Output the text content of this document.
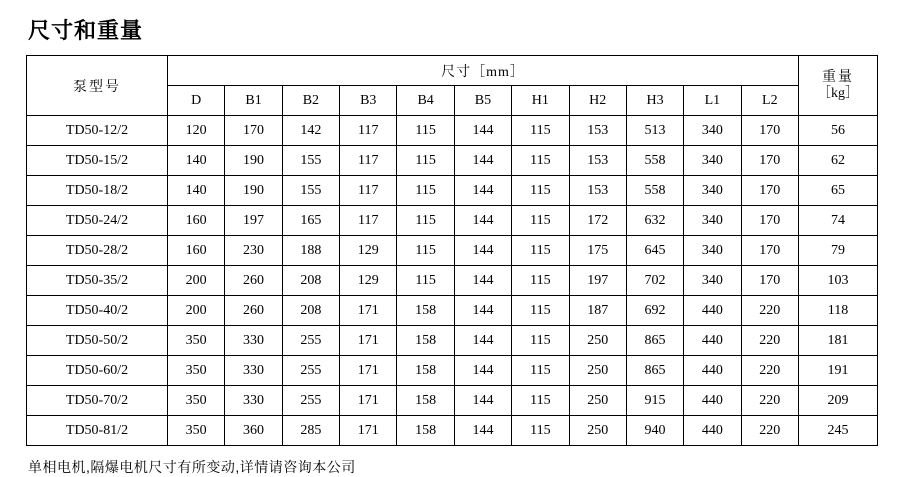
尺寸和重量
泵型号	尺寸［mm］											重量
［kg］

	D	B1	B2	B3	B4	B5	H1	H2	H3	L1	L2	
TD50-12/2	120	170	142	117	115	144	115	153	513	340	170	56
TD50-15/2	140	190	155	117	115	144	115	153	558	340	170	62
TD50-18/2	140	190	155	117	115	144	115	153	558	340	170	65
TD50-24/2	160	197	165	117	115	144	115	172	632	340	170	74
TD50-28/2	160	230	188	129	115	144	115	175	645	340	170	79
TD50-35/2	200	260	208	129	115	144	115	197	702	340	170	103
TD50-40/2	200	260	208	171	158	144	115	187	692	440	220	118
TD50-50/2	350	330	255	171	158	144	115	250	865	440	220	181
TD50-60/2	350	330	255	171	158	144	115	250	865	440	220	191
TD50-70/2	350	330	255	171	158	144	115	250	915	440	220	209
TD50-81/2	350	360	285	171	158	144	115	250	940	440	220	245
单相电机,隔爆电机尺寸有所变动,详情请咨询本公司
